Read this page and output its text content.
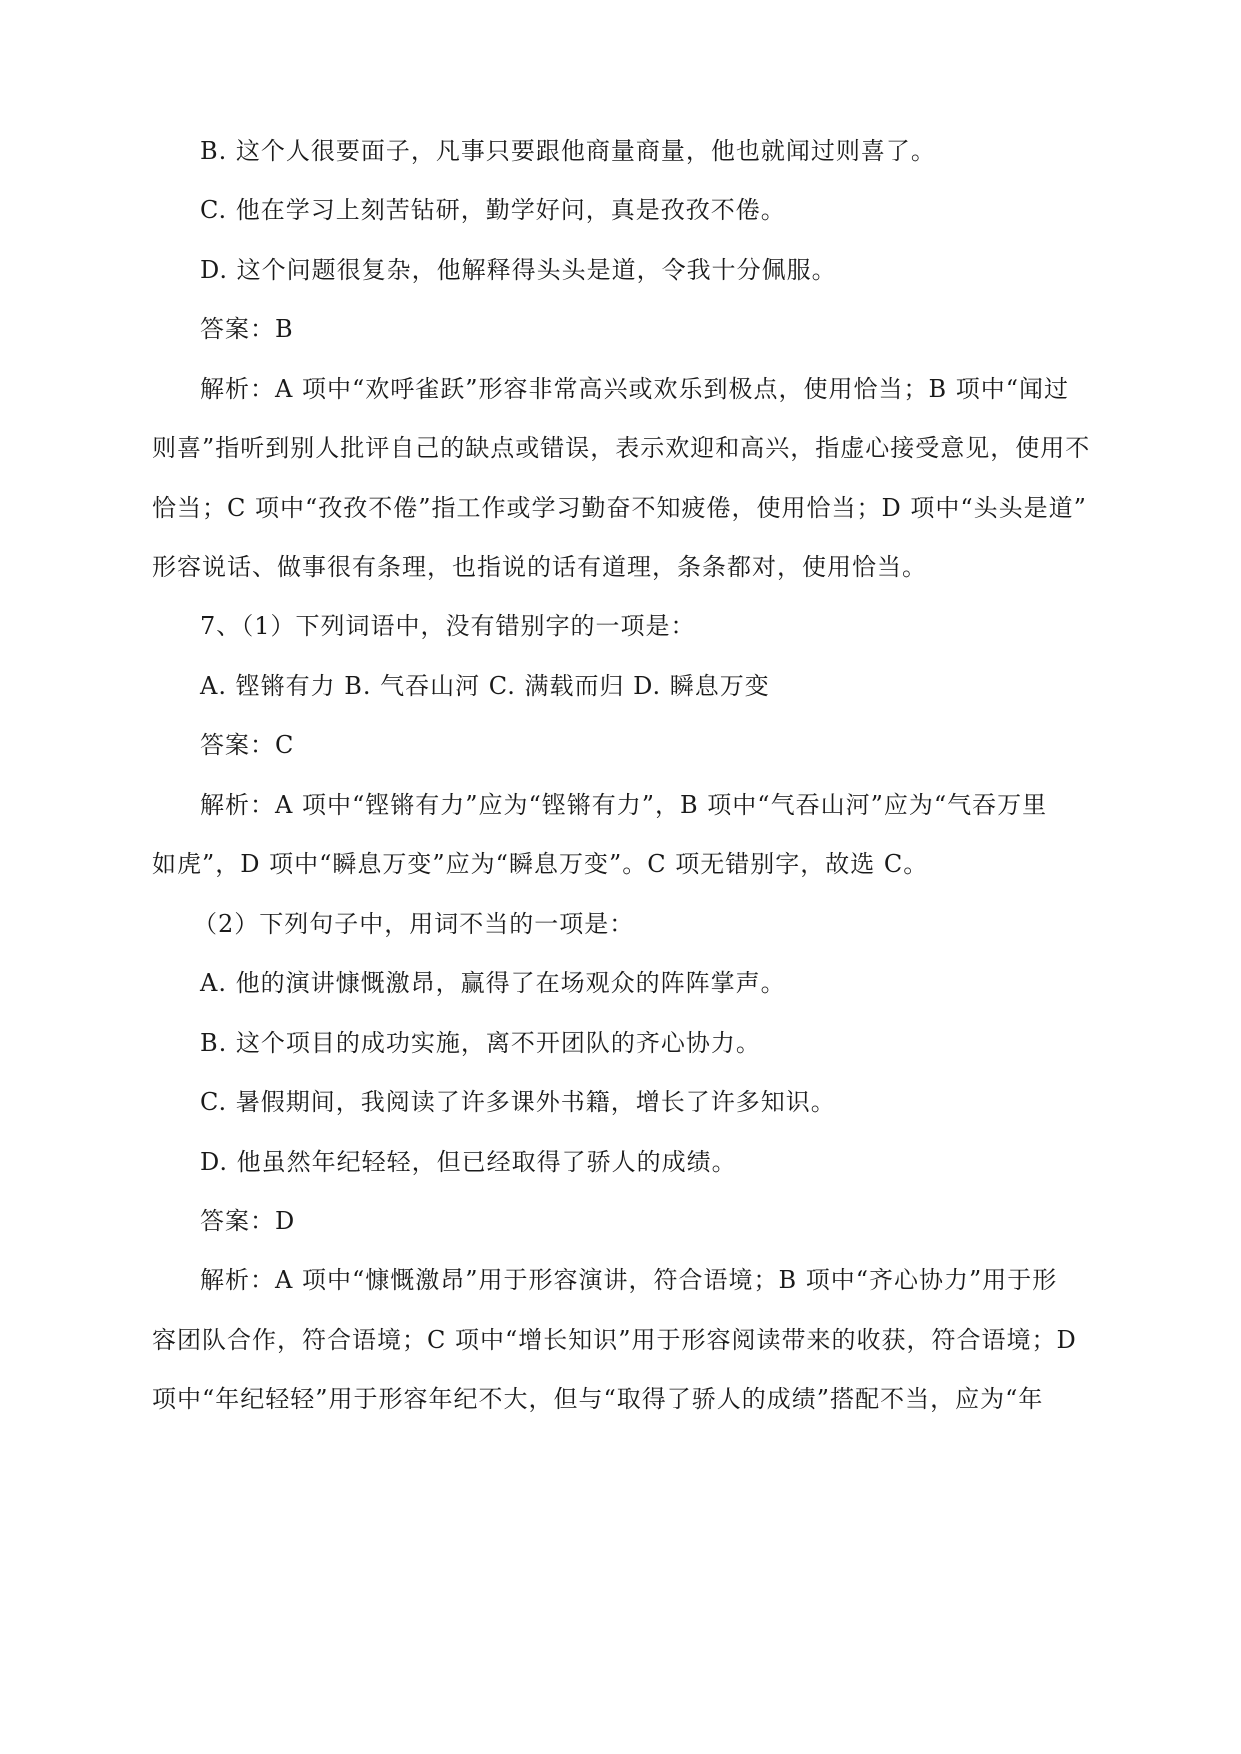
B. 这个人很要面子，凡事只要跟他商量商量，他也就闻过则喜了。
C. 他在学习上刻苦钻研，勤学好问，真是孜孜不倦。
D. 这个问题很复杂，他解释得头头是道，令我十分佩服。
答案：B
解析：A 项中“欢呼雀跃”形容非常高兴或欢乐到极点，使用恰当；B 项中“闻过
则喜”指听到别人批评自己的缺点或错误，表示欢迎和高兴，指虚心接受意见，使用不
恰当；C 项中“孜孜不倦”指工作或学习勤奋不知疲倦，使用恰当；D 项中“头头是道”
形容说话、做事很有条理，也指说的话有道理，条条都对，使用恰当。
7、（1）下列词语中，没有错别字的一项是：
A. 铿锵有力 B. 气吞山河 C. 满载而归 D. 瞬息万变
答案：C
解析：A 项中“铿锵有力”应为“铿锵有力”，B 项中“气吞山河”应为“气吞万里
如虎”，D 项中“瞬息万变”应为“瞬息万变”。C 项无错别字，故选 C。
（2）下列句子中，用词不当的一项是：
A. 他的演讲慷慨激昂，赢得了在场观众的阵阵掌声。
B. 这个项目的成功实施，离不开团队的齐心协力。
C. 暑假期间，我阅读了许多课外书籍，增长了许多知识。
D. 他虽然年纪轻轻，但已经取得了骄人的成绩。
答案：D
解析：A 项中“慷慨激昂”用于形容演讲，符合语境；B 项中“齐心协力”用于形
容团队合作，符合语境；C 项中“增长知识”用于形容阅读带来的收获，符合语境；D
项中“年纪轻轻”用于形容年纪不大，但与“取得了骄人的成绩”搭配不当，应为“年
